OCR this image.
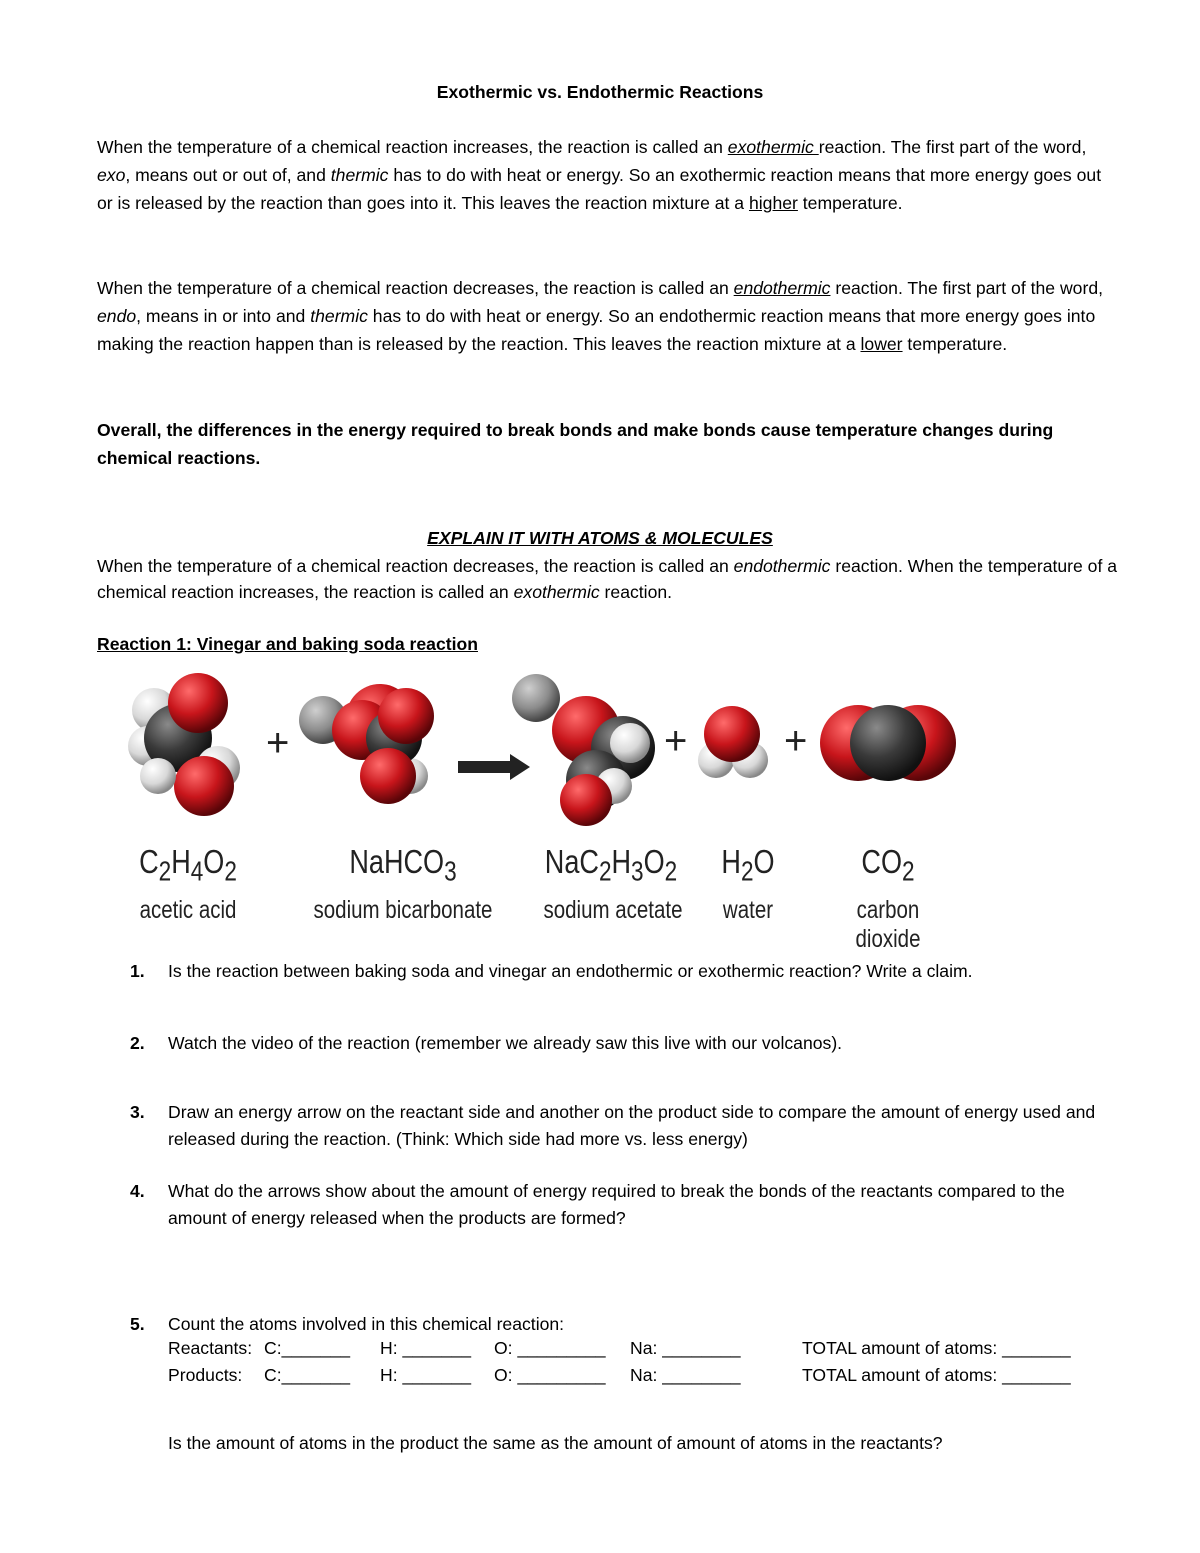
Exothermic vs. Endothermic Reactions

When the temperature of a chemical reaction increases, the reaction is called an exothermic reaction. The first part of the word, exo, means out or out of, and thermic has to do with heat or energy. So an exothermic reaction means that more energy goes out or is released by the reaction than goes into it. This leaves the reaction mixture at a higher temperature.

When the temperature of a chemical reaction decreases, the reaction is called an endothermic reaction. The first part of the word, endo, means in or into and thermic has to do with heat or energy. So an endothermic reaction means that more energy goes into making the reaction happen than is released by the reaction. This leaves the reaction mixture at a lower temperature.

Overall, the differences in the energy required to break bonds and make bonds cause temperature changes during chemical reactions.
EXPLAIN IT WITH ATOMS & MOLECULES
When the temperature of a chemical reaction decreases, the reaction is called an endothermic reaction. When the temperature of a chemical reaction increases, the reaction is called an exothermic reaction.
Reaction 1: Vinegar and baking soda reaction
+	+ +
$C_2H_4O_2$	NaHCO$_3$	$NaC_2H_3O_2$	$H_2O$	$CO_2$
acetic acid	sodium bicarbonate	sodium acetate	water	carbon dioxide
1. Is the reaction between baking soda and vinegar an endothermic or exothermic reaction? Write a claim.
2. Watch the video of the reaction (remember we already saw this live with our volcanos).
3. Draw an energy arrow on the reactant side and another on the product side to compare the amount of energy used and released during the reaction. (Think: Which side had more vs. less energy)
4. What do the arrows show about the amount of energy required to break the bonds of the reactants compared to the amount of energy released when the products are formed?
5. Count the atoms involved in this chemical reaction:
Reactants: C:_______ H: _______ O: _________ Na: ________	TOTAL amount of atoms: _______
Products: C:_______ H: _______ O: _________ Na: ________	TOTAL amount of atoms: _______
Is the amount of atoms in the product the same as the amount of amount of atoms in the reactants?
